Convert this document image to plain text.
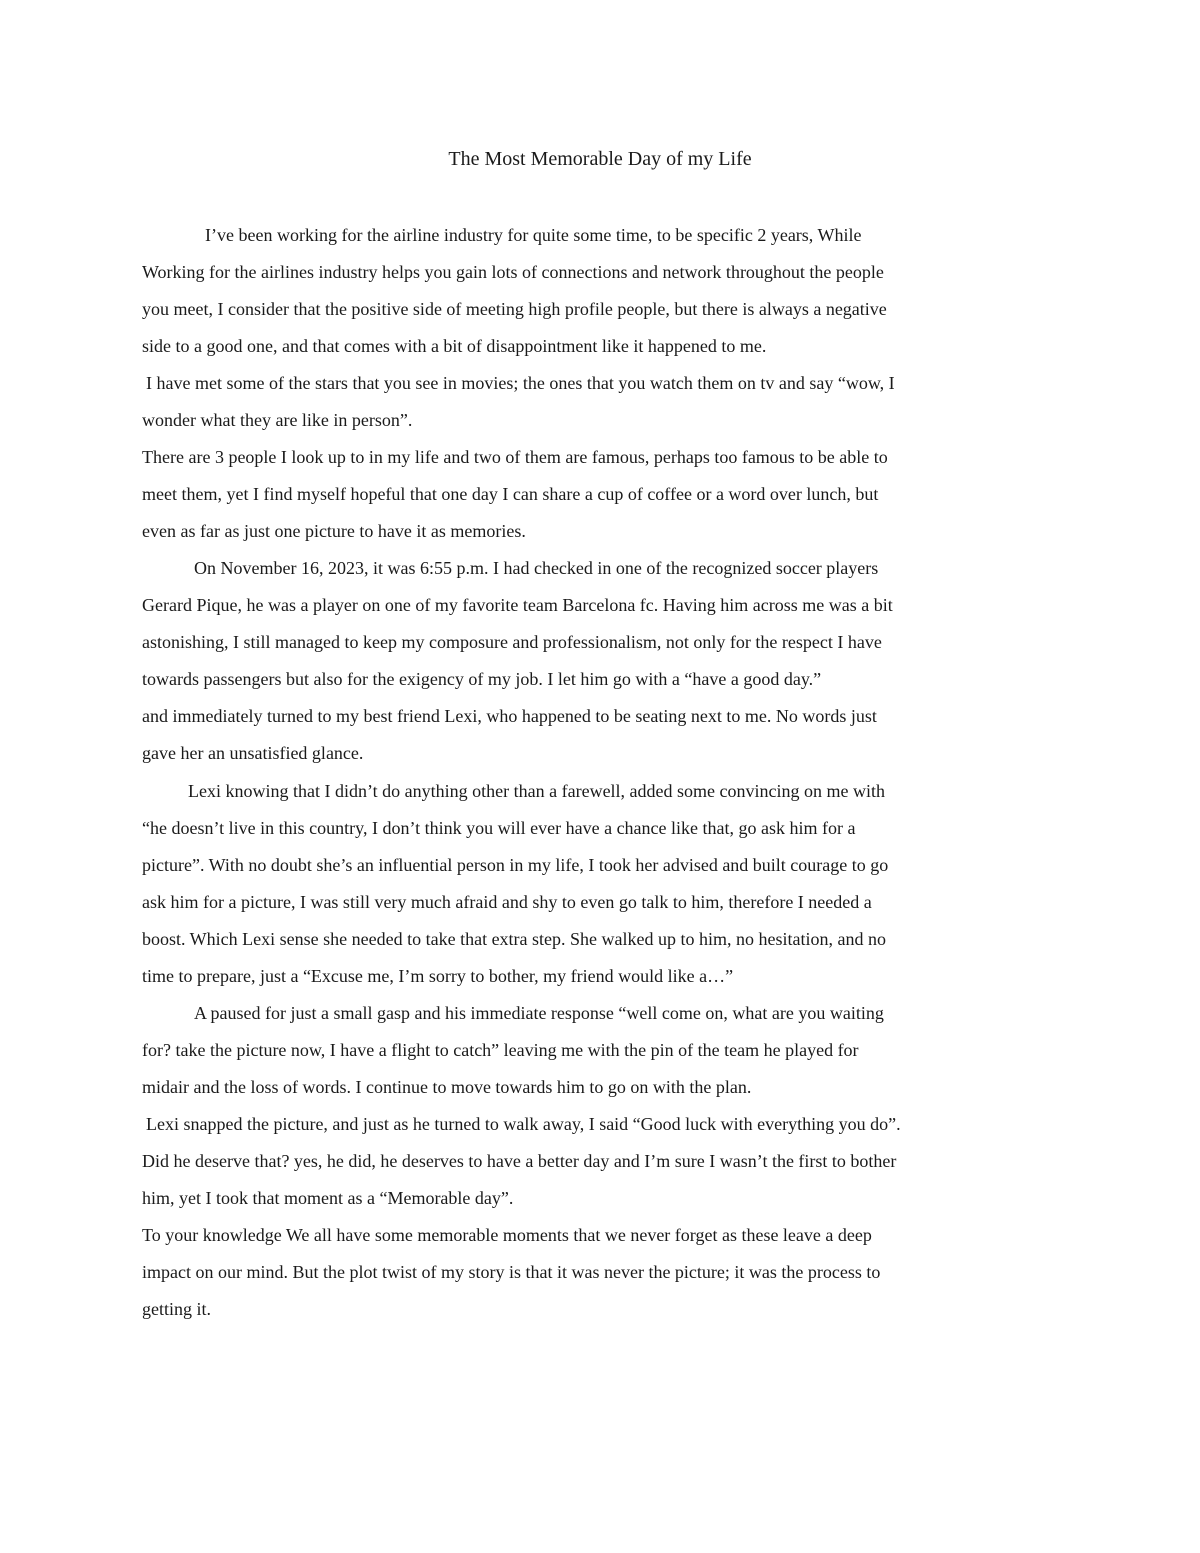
The Most Memorable Day of my Life
I’ve been working for the airline industry for quite some time, to be specific 2 years, While
Working for the airlines industry helps you gain lots of connections and network throughout the people
you meet, I consider that the positive side of meeting high profile people, but there is always a negative
side to a good one, and that comes with a bit of disappointment like it happened to me.
I have met some of the stars that you see in movies; the ones that you watch them on tv and say “wow, I
wonder what they are like in person”.
There are 3 people I look up to in my life and two of them are famous, perhaps too famous to be able to
meet them, yet I find myself hopeful that one day I can share a cup of coffee or a word over lunch, but
even as far as just one picture to have it as memories.
On November 16, 2023, it was 6:55 p.m. I had checked in one of the recognized soccer players
Gerard Pique, he was a player on one of my favorite team Barcelona fc. Having him across me was a bit
astonishing, I still managed to keep my composure and professionalism, not only for the respect I have
towards passengers but also for the exigency of my job. I let him go with a “have a good day.”
and immediately turned to my best friend Lexi, who happened to be seating next to me. No words just
gave her an unsatisfied glance.
Lexi knowing that I didn’t do anything other than a farewell, added some convincing on me with
“he doesn’t live in this country, I don’t think you will ever have a chance like that, go ask him for a
picture”. With no doubt she’s an influential person in my life, I took her advised and built courage to go
ask him for a picture, I was still very much afraid and shy to even go talk to him, therefore I needed a
boost. Which Lexi sense she needed to take that extra step. She walked up to him, no hesitation, and no
time to prepare, just a “Excuse me, I’m sorry to bother, my friend would like a…”
A paused for just a small gasp and his immediate response “well come on, what are you waiting
for? take the picture now, I have a flight to catch” leaving me with the pin of the team he played for
midair and the loss of words. I continue to move towards him to go on with the plan.
Lexi snapped the picture, and just as he turned to walk away, I said “Good luck with everything you do”.
Did he deserve that? yes, he did, he deserves to have a better day and I’m sure I wasn’t the first to bother
him, yet I took that moment as a “Memorable day”.
To your knowledge We all have some memorable moments that we never forget as these leave a deep
impact on our mind. But the plot twist of my story is that it was never the picture; it was the process to
getting it.
